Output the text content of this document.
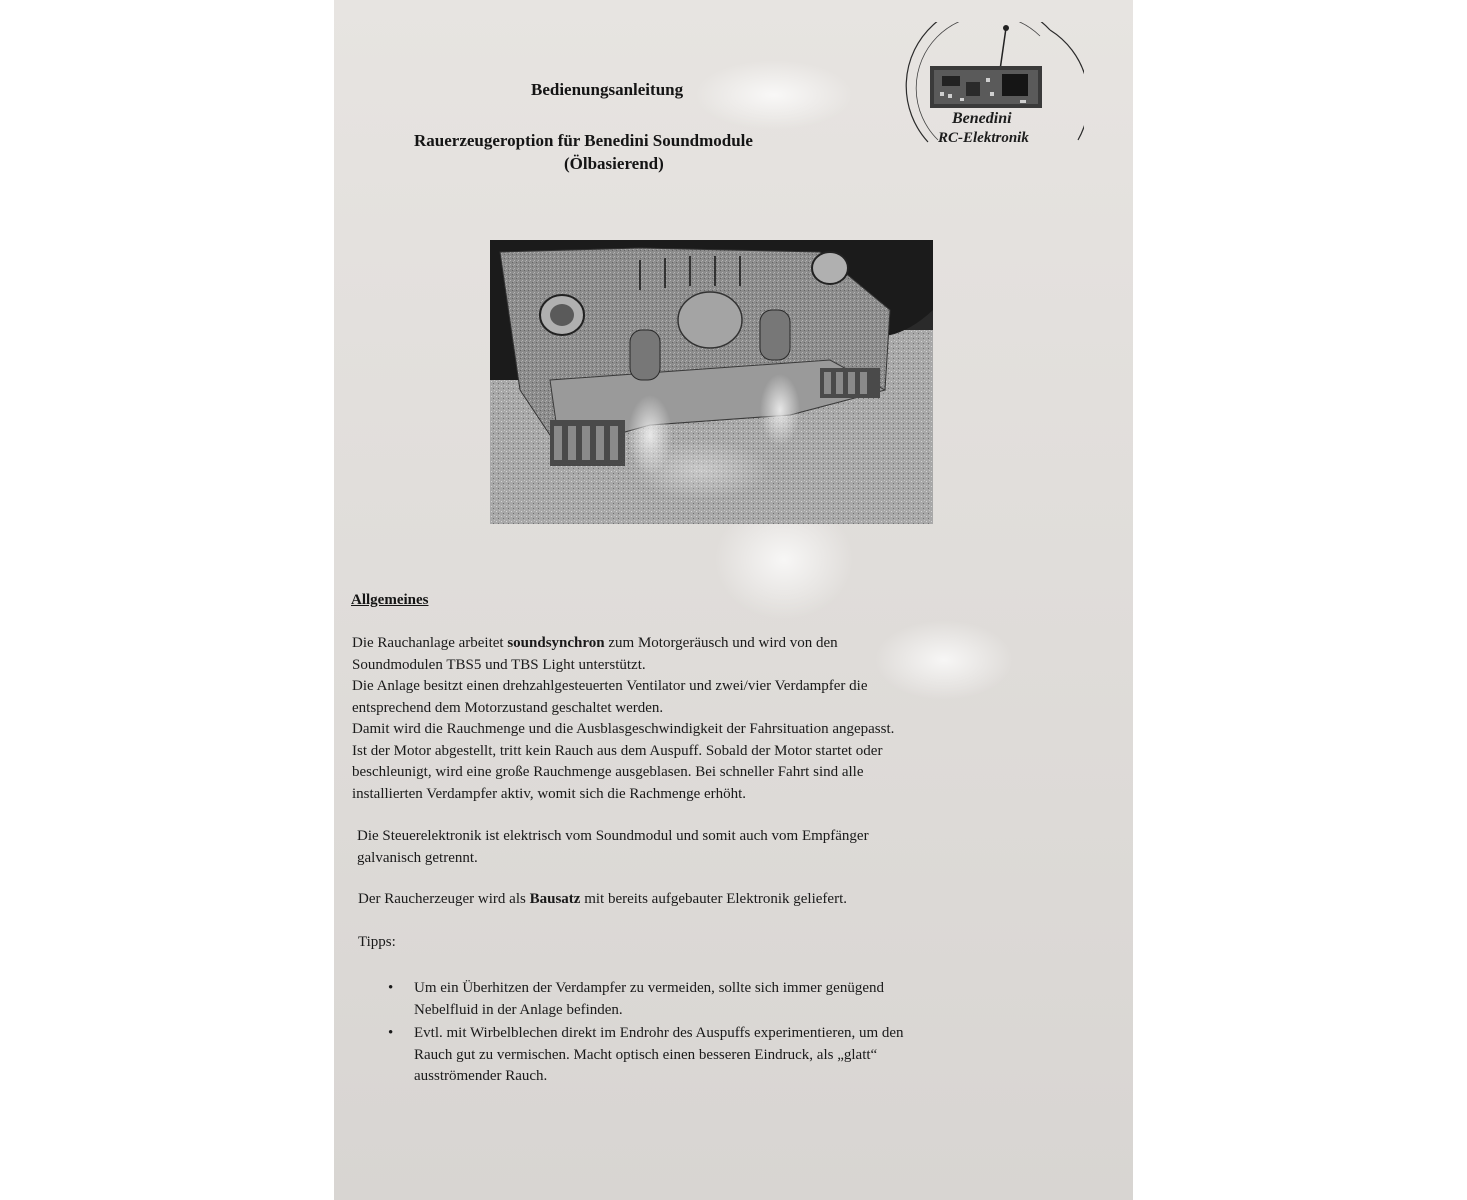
Bedienungsanleitung
Rauerzeugeroption für Benedini Soundmodule
(Ölbasierend)
Benedini
RC-Elektronik
Allgemeines
Die Rauchanlage arbeitet soundsynchron zum Motorgeräusch und wird von den
Soundmodulen TBS5 und TBS Light unterstützt.
Die Anlage besitzt einen drehzahlgesteuerten Ventilator und zwei/vier Verdampfer die
entsprechend dem Motorzustand geschaltet werden.
Damit wird die Rauchmenge und die Ausblasgeschwindigkeit der Fahrsituation angepasst.
Ist der Motor abgestellt, tritt kein Rauch aus dem Auspuff. Sobald der Motor startet oder
beschleunigt, wird eine große Rauchmenge ausgeblasen. Bei schneller Fahrt sind alle
installierten Verdampfer aktiv, womit sich die Rachmenge erhöht.
Die Steuerelektronik ist elektrisch vom Soundmodul und somit auch vom Empfänger
galvanisch getrennt.
Der Raucherzeuger wird als Bausatz mit bereits aufgebauter Elektronik geliefert.
Tipps:
• Um ein Überhitzen der Verdampfer zu vermeiden, sollte sich immer genügend
Nebelfluid in der Anlage befinden.
• Evtl. mit Wirbelblechen direkt im Endrohr des Auspuffs experimentieren, um den
Rauch gut zu vermischen. Macht optisch einen besseren Eindruck, als „glatt“
ausströmender Rauch.
